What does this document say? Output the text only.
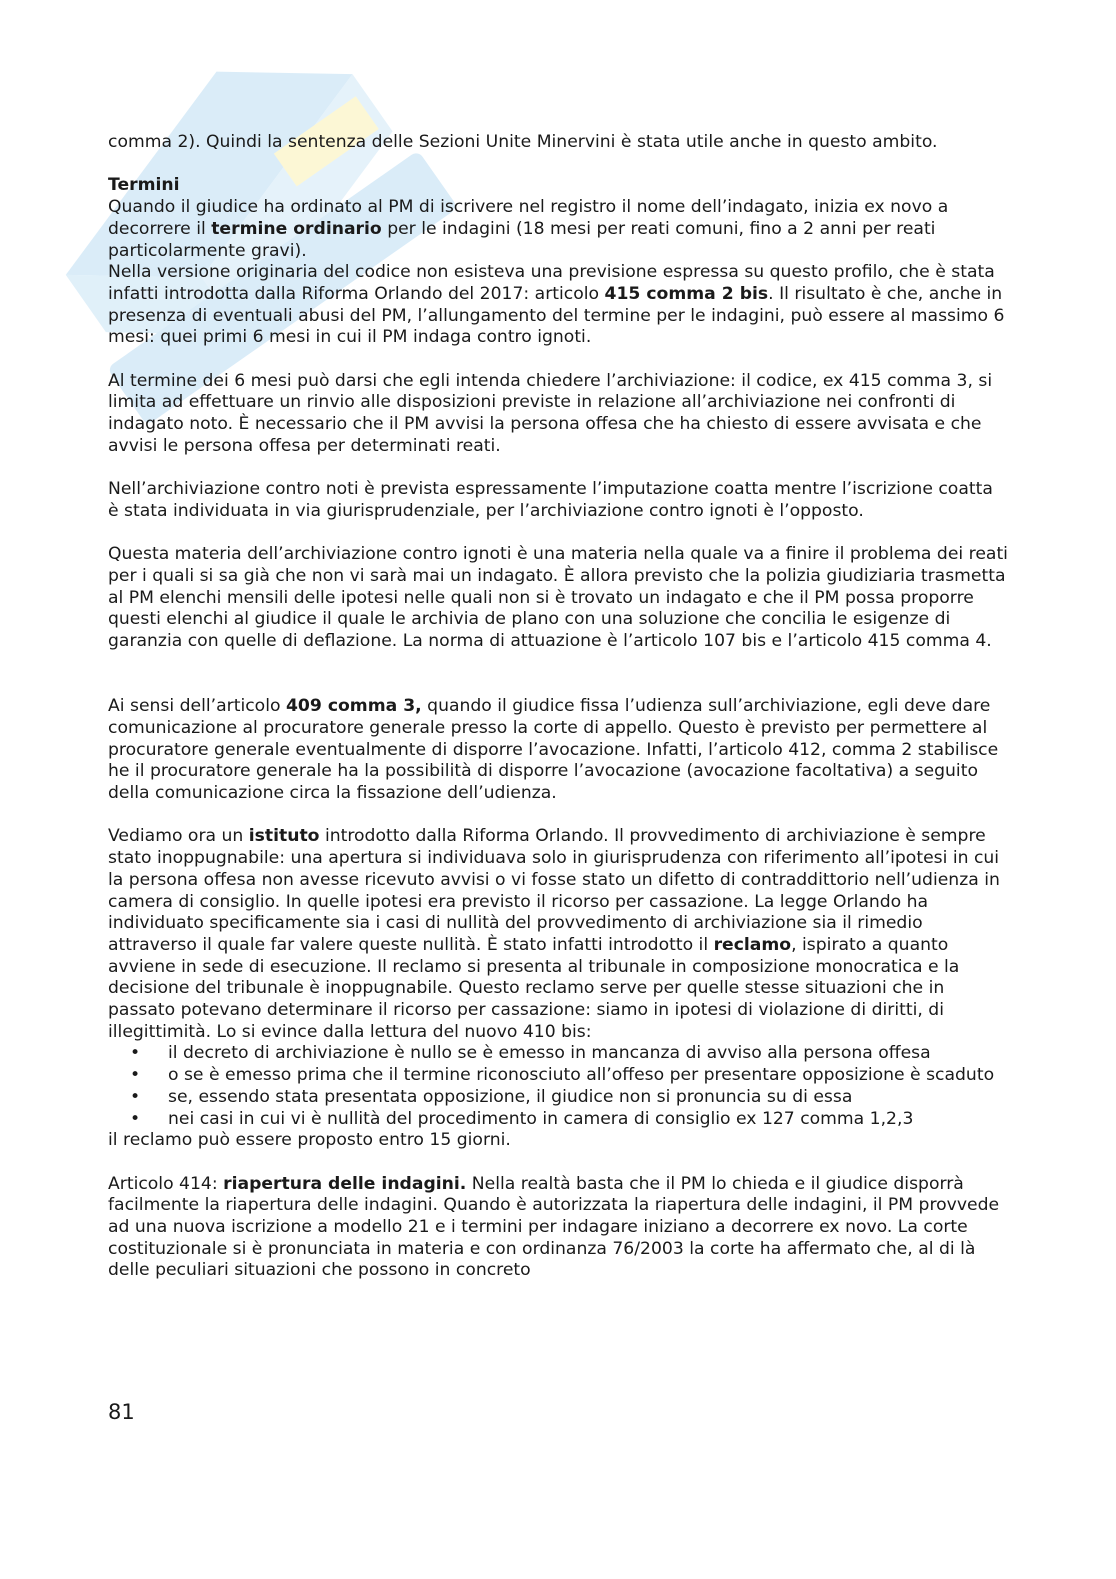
comma 2). Quindi la sentenza delle Sezioni Unite Minervini è stata utile anche in questo ambito.

Termini
Quando il giudice ha ordinato al PM di iscrivere nel registro il nome dell’indagato, inizia ex novo a decorrere il termine ordinario per le indagini (18 mesi per reati comuni, fino a 2 anni per reati particolarmente gravi).

Nella versione originaria del codice non esisteva una previsione espressa su questo profilo, che è stata infatti introdotta dalla Riforma Orlando del 2017: articolo 415 comma 2 bis. Il risultato è che, anche in presenza di eventuali abusi del PM, l’allungamento del termine per le indagini, può essere al massimo 6 mesi: quei primi 6 mesi in cui il PM indaga contro ignoti.

Al termine dei 6 mesi può darsi che egli intenda chiedere l’archiviazione: il codice, ex 415 comma 3, si limita ad effettuare un rinvio alle disposizioni previste in relazione all’archiviazione nei confronti di indagato noto. È necessario che il PM avvisi la persona offesa che ha chiesto di essere avvisata e che avvisi le persona offesa per determinati reati.

Nell’archiviazione contro noti è prevista espressamente l’imputazione coatta mentre l’iscrizione coatta è stata individuata in via giurisprudenziale, per l’archiviazione contro ignoti è l’opposto.

Questa materia dell’archiviazione contro ignoti è una materia nella quale va a finire il problema dei reati per i quali si sa già che non vi sarà mai un indagato. È allora previsto che la polizia giudiziaria trasmetta al PM elenchi mensili delle ipotesi nelle quali non si è trovato un indagato e che il PM possa proporre questi elenchi al giudice il quale le archivia de plano con una soluzione che concilia le esigenze di garanzia con quelle di deflazione. La norma di attuazione è l’articolo 107 bis e l’articolo 415 comma 4.

Ai sensi dell’articolo 409 comma 3, quando il giudice fissa l’udienza sull’archiviazione, egli deve dare comunicazione al procuratore generale presso la corte di appello. Questo è previsto per permettere al procuratore generale eventualmente di disporre l’avocazione. Infatti, l’articolo 412, comma 2 stabilisce he il procuratore generale ha la possibilità di disporre l’avocazione (avocazione facoltativa) a seguito della comunicazione circa la fissazione dell’udienza.

Vediamo ora un istituto introdotto dalla Riforma Orlando. Il provvedimento di archiviazione è sempre stato inoppugnabile: una apertura si individuava solo in giurisprudenza con riferimento all’ipotesi in cui la persona offesa non avesse ricevuto avvisi o vi fosse stato un difetto di contraddittorio nell’udienza in camera di consiglio. In quelle ipotesi era previsto il ricorso per cassazione. La legge Orlando ha individuato specificamente sia i casi di nullità del provvedimento di archiviazione sia il rimedio attraverso il quale far valere queste nullità. È stato infatti introdotto il reclamo, ispirato a quanto avviene in sede di esecuzione. Il reclamo si presenta al tribunale in composizione monocratica e la decisione del tribunale è inoppugnabile. Questo reclamo serve per quelle stesse situazioni che in passato potevano determinare il ricorso per cassazione: siamo in ipotesi di violazione di diritti, di illegittimità. Lo si evince dalla lettura del nuovo 410 bis:
• il decreto di archiviazione è nullo se è emesso in mancanza di avviso alla persona offesa
• o se è emesso prima che il termine riconosciuto all’offeso per presentare opposizione è scaduto
• se, essendo stata presentata opposizione, il giudice non si pronuncia su di essa
• nei casi in cui vi è nullità del procedimento in camera di consiglio ex 127 comma 1,2,3

il reclamo può essere proposto entro 15 giorni.

Articolo 414: riapertura delle indagini. Nella realtà basta che il PM lo chieda e il giudice disporrà facilmente la riapertura delle indagini. Quando è autorizzata la riapertura delle indagini, il PM provvede ad una nuova iscrizione a modello 21 e i termini per indagare iniziano a decorrere ex novo. La corte costituzionale si è pronunciata in materia e con ordinanza 76/2003 la corte ha affermato che, al di là delle peculiari situazioni che possono in concreto
81
